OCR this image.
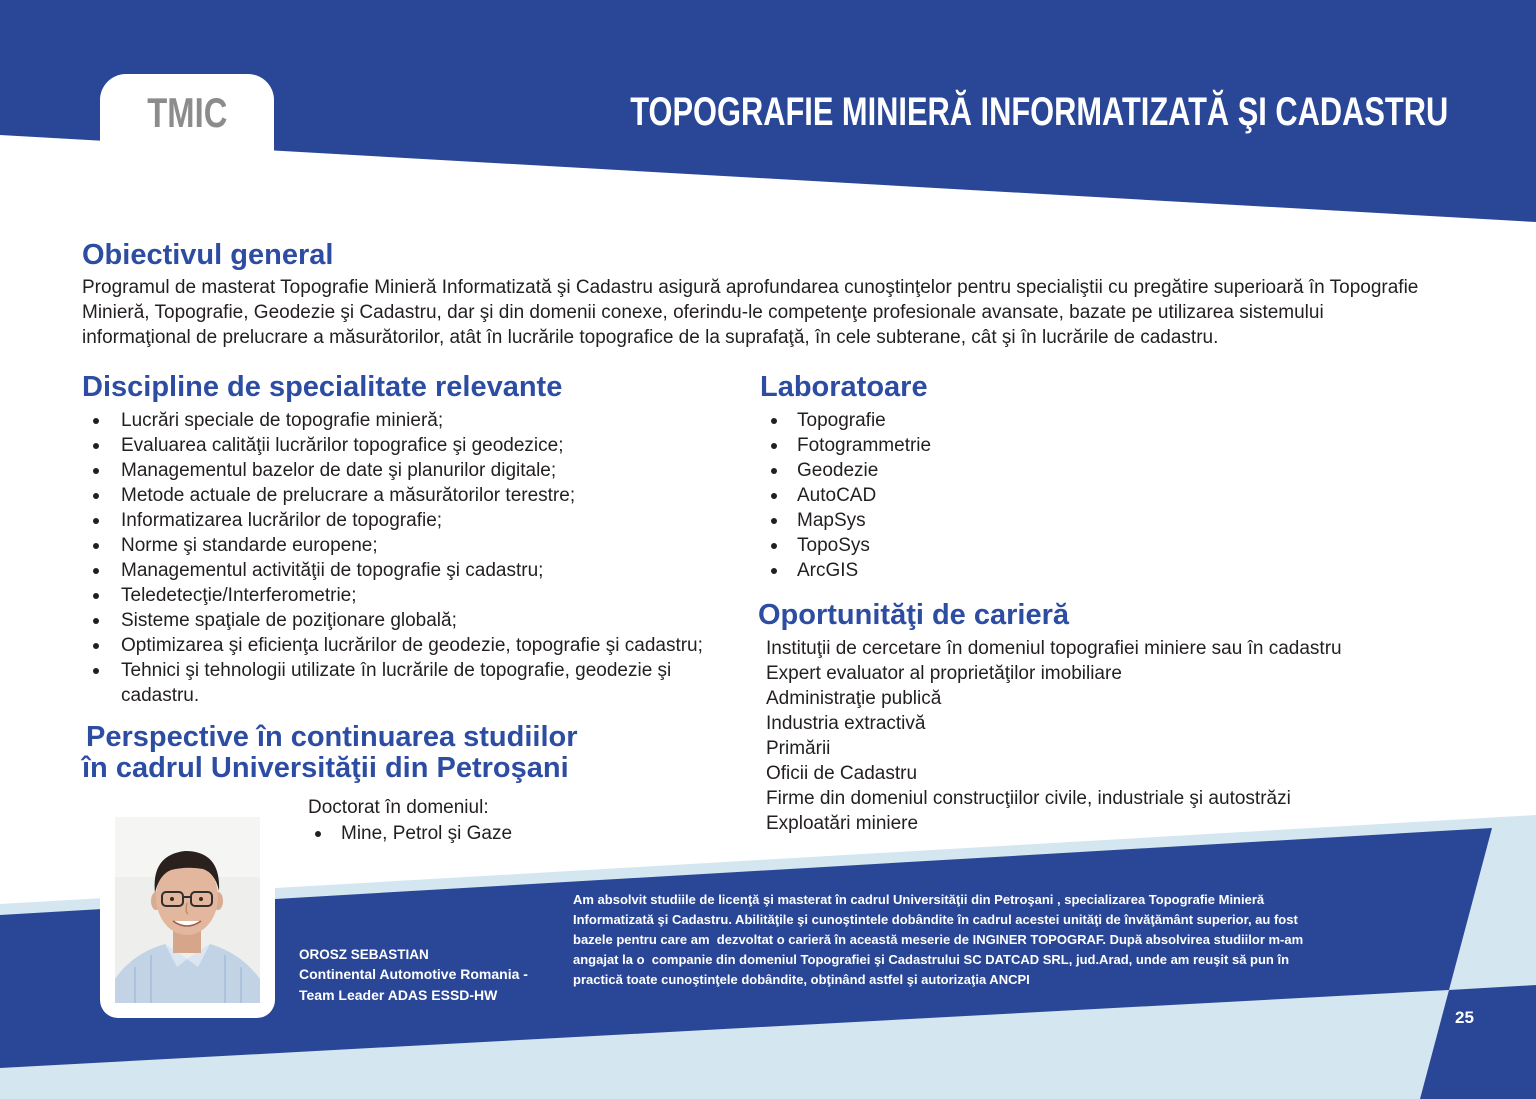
TMIC	TOPOGRAFIE MINIERĂ INFORMATIZATĂ ŞI CADASTRU
Obiectivul general
Programul de masterat Topografie Minieră Informatizată şi Cadastru asigură aprofundarea cunoştinţelor pentru specialiştii cu pregătire superioară în Topografie
Minieră, Topografie, Geodezie şi Cadastru, dar şi din domenii conexe, oferindu-le competenţe profesionale avansate, bazate pe utilizarea sistemului
informaţional de prelucrare a măsurătorilor, atât în lucrările topografice de la suprafaţă, în cele subterane, cât şi în lucrările de cadastru.
Discipline de specialitate relevante
Lucrări speciale de topografie minieră;
Evaluarea calităţii lucrărilor topografice şi geodezice;
Managementul bazelor de date şi planurilor digitale;
Metode actuale de prelucrare a măsurătorilor terestre;
Informatizarea lucrărilor de topografie;
Norme şi standarde europene;
Managementul activităţii de topografie şi cadastru;
Teledetecţie/Interferometrie;
Sisteme spaţiale de poziţionare globală;
Optimizarea şi eficienţa lucrărilor de geodezie, topografie şi cadastru;
Tehnici şi tehnologii utilizate în lucrările de topografie, geodezie şi cadastru.
Laboratoare
Topografie
Fotogrammetrie
Geodezie
AutoCAD
MapSys
TopoSys
ArcGIS
Oportunităţi de carieră
Instituţii de cercetare în domeniul topografiei miniere sau în cadastru
Expert evaluator al proprietăţilor imobiliare
Administraţie publică
Industria extractivă
Primării
Oficii de Cadastru
Firme din domeniul construcţiilor civile, industriale şi autostrăzi
Exploatări miniere
Perspective în continuarea studiilor
în cadrul Universităţii din Petroşani
Doctorat în domeniul:
Mine, Petrol şi Gaze
OROSZ SEBASTIAN
Continental Automotive Romania -
Team Leader ADAS ESSD-HW
Am absolvit studiile de licenţă şi masterat în cadrul Universităţii din Petroşani , specializarea Topografie Minieră
Informatizată şi Cadastru. Abilităţile şi cunoştintele dobândite în cadrul acestei unităţi de învăţământ superior, au fost
bazele pentru care am  dezvoltat o carieră în această meserie de INGINER TOPOGRAF. După absolvirea studiilor m-am
angajat la o  companie din domeniul Topografiei şi Cadastrului SC DATCAD SRL, jud.Arad, unde am reuşit să pun în
practică toate cunoştinţele dobândite, obţinând astfel şi autorizaţia ANCPI
25
